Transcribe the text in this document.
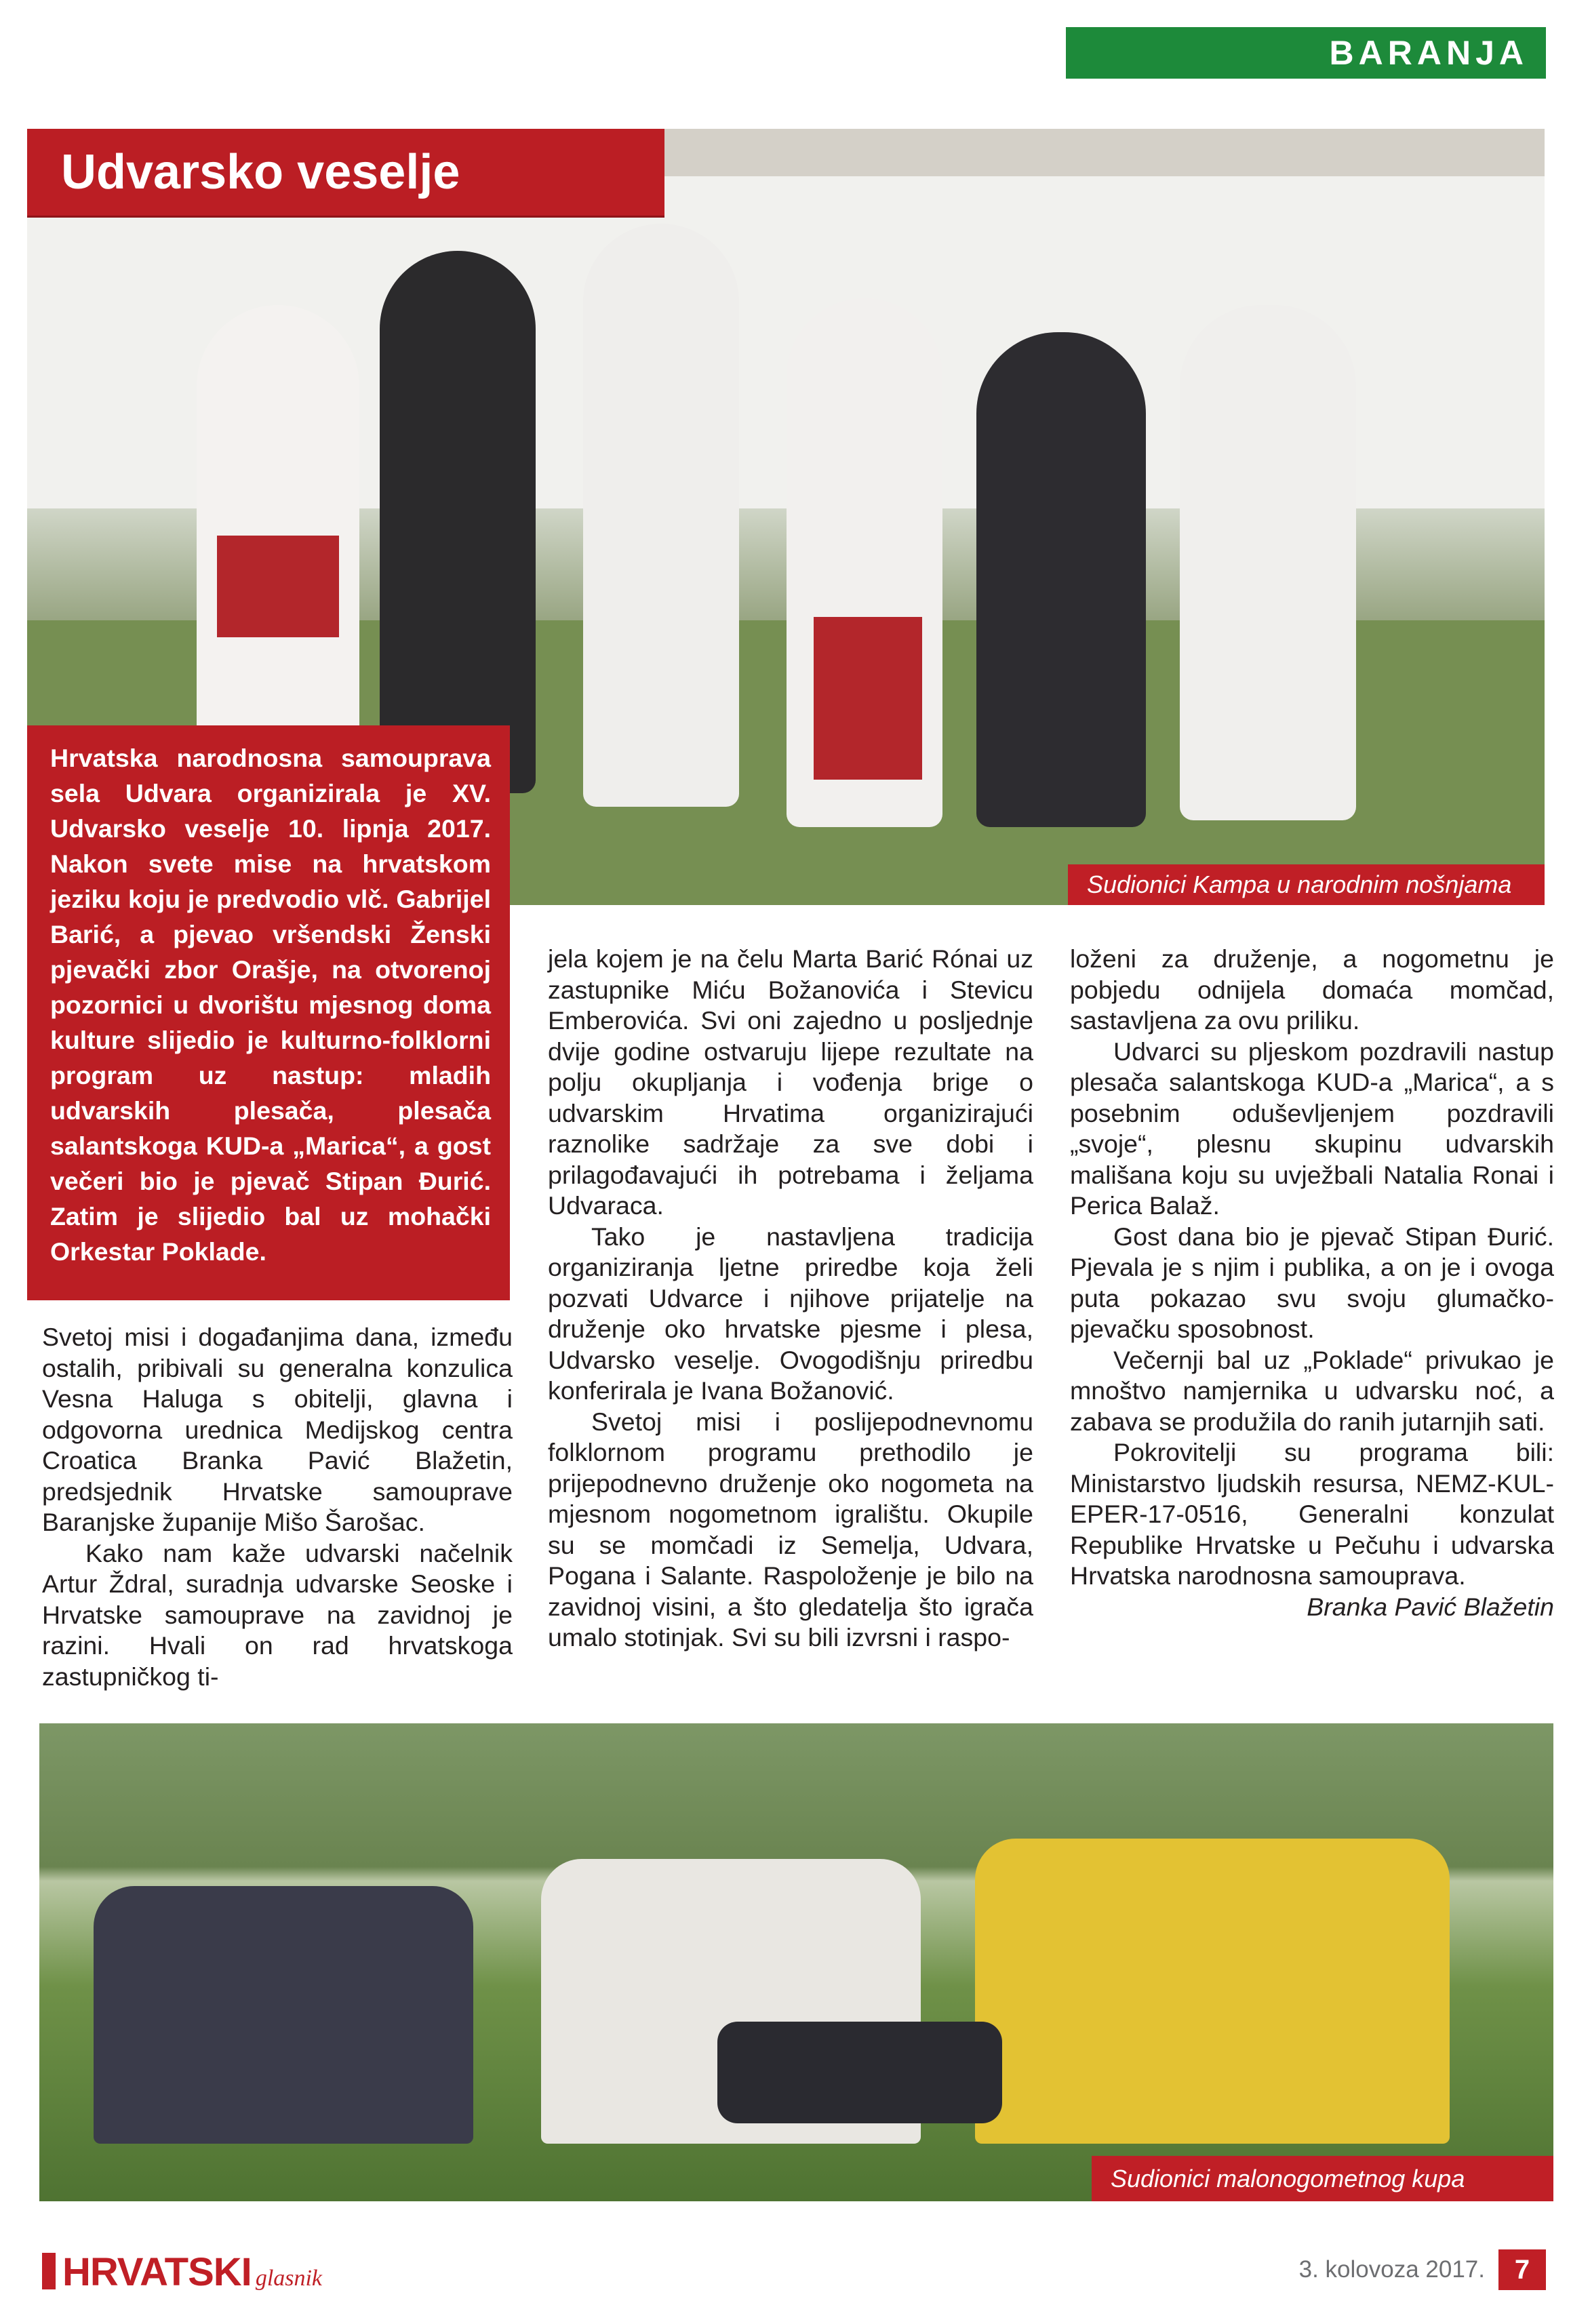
BARANJA
Udvarsko veselje
Sudionici Kampa u narodnim nošnjama

Hrvatska narodnosna samouprava sela Udvara organizirala je XV. Udvarsko veselje 10. lipnja 2017. Nakon svete mise na hrvatskom jeziku koju je predvodio vlč. Gabrijel Barić, a pjevao vršendski Ženski pjevački zbor Orašje, na otvorenoj pozornici u dvorištu mjesnog doma kulture slijedio je kulturno-folklorni program uz nastup: mladih udvarskih plesača, plesača salantskoga KUD-a „Marica“, a gost večeri bio je pjevač Stipan Đurić. Zatim je slijedio bal uz mohački Orkestar Poklade.

Svetoj misi i događanjima dana, između ostalih, pribivali su generalna konzulica Vesna Haluga s obitelji, glavna i odgovorna urednica Medijskog centra Croatica Branka Pavić Blažetin, predsjednik Hrvatske samouprave Baranjske županije Mišo Šarošac.

Kako nam kaže udvarski načelnik Artur Ždral, suradnja udvarske Seoske i Hrvatske samouprave na zavidnoj je razini. Hvali on rad hrvatskoga zastupničkog ti-

jela kojem je na čelu Marta Barić Rónai uz zastupnike Miću Božanovića i Stevicu Emberovića. Svi oni zajedno u posljednje dvije godine ostvaruju lijepe rezultate na polju okupljanja i vođenja brige o udvarskim Hrvatima organizirajući raznolike sadržaje za sve dobi i prilagođavajući ih potrebama i željama Udvaraca.

Tako je nastavljena tradicija organiziranja ljetne priredbe koja želi pozvati Udvarce i njihove prijatelje na druženje oko hrvatske pjesme i plesa, Udvarsko veselje. Ovogodišnju priredbu konferirala je Ivana Božanović.

Svetoj misi i poslijepodnevnomu folklornom programu prethodilo je prijepodnevno druženje oko nogometa na mjesnom nogometnom igralištu. Okupile su se momčadi iz Semelja, Udvara, Pogana i Salante. Raspoloženje je bilo na zavidnoj visini, a što gledatelja što igrača umalo stotinjak. Svi su bili izvrsni i raspo-

loženi za druženje, a nogometnu je pobjedu odnijela domaća momčad, sastavljena za ovu priliku.

Udvarci su pljeskom pozdravili nastup plesača salantskoga KUD-a „Marica“, a s posebnim oduševljenjem pozdravili „svoje“, plesnu skupinu udvarskih mališana koju su uvježbali Natalia Ronai i Perica Balaž.

Gost dana bio je pjevač Stipan Đurić. Pjevala je s njim i publika, a on je i ovoga puta pokazao svu svoju glumačko-pjevačku sposobnost.

Večernji bal uz „Poklade“ privukao je mnoštvo namjernika u udvarsku noć, a zabava se produžila do ranih jutarnjih sati.

Pokrovitelji su programa bili: Ministarstvo ljudskih resursa, NEMZ-KUL-EPER-17-0516, Generalni konzulat Republike Hrvatske u Pečuhu i udvarska Hrvatska narodnosna samouprava.

Branka Pavić Blažetin
Sudionici malonogometnog kupa
HRVATSKI glasnik	3. kolovoza 2017.	7
